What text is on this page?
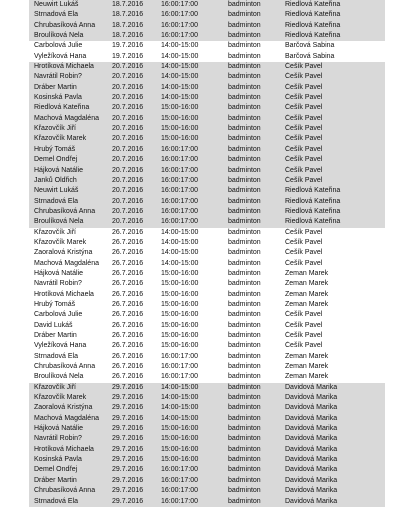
Neuwirt Lukáš	18.7.2016	16:00:17:00	badminton	Riedlová Kateřina
Strnadová Ela	18.7.2016	16:00:17:00	badminton	Riedlová Kateřina
Chrubasíková Anna	18.7.2016	16:00:17:00	badminton	Riedlová Kateřina
Broulíková Nela	18.7.2016	16:00:17:00	badminton	Riedlová Kateřina
Carbolová Julie	19.7.2016	14:00-15:00	badminton	Barčová Sabina
Vyležíková Hana	19.7.2016	14:00-15:00	badminton	Barčová Sabina
Hrotíková Michaela	20.7.2016	14:00-15:00	badminton	Češík Pavel
Navrátil Robin?	20.7.2016	14:00-15:00	badminton	Češík Pavel
Dráber Martin	20.7.2016	14:00-15:00	badminton	Češík Pavel
Kosinská Pavla	20.7.2016	14:00-15:00	badminton	Češík Pavel
Riedlová Kateřina	20.7.2016	15:00-16:00	badminton	Češík Pavel
Machová Magdaléna	20.7.2016	15:00-16:00	badminton	Češík Pavel
Křazovčík Jiří	20.7.2016	15:00-16:00	badminton	Češík Pavel
Křazovčík Marek	20.7.2016	15:00-16:00	badminton	Češík Pavel
Hrubý Tomáš	20.7.2016	16:00:17:00	badminton	Češík Pavel
Demel Ondřej	20.7.2016	16:00:17:00	badminton	Češík Pavel
Hájková Natálie	20.7.2016	16:00:17:00	badminton	Češík Pavel
Janků Oldřich	20.7.2016	16:00:17:00	badminton	Češík Pavel
Neuwirt Lukáš	20.7.2016	16:00:17:00	badminton	Riedlová Kateřina
Strnadová Ela	20.7.2016	16:00:17:00	badminton	Riedlová Kateřina
Chrubasíková Anna	20.7.2016	16:00:17:00	badminton	Riedlová Kateřina
Broulíková Nela	20.7.2016	16:00:17:00	badminton	Riedlová Kateřina
Křazovčík Jiří	26.7.2016	14:00-15:00	badminton	Češík Pavel
Křazovčík Marek	26.7.2016	14:00-15:00	badminton	Češík Pavel
Zaoralová Kristýna	26.7.2016	14:00-15:00	badminton	Češík Pavel
Machová Magdaléna	26.7.2016	14:00-15:00	badminton	Češík Pavel
Hájková Natálie	26.7.2016	15:00-16:00	badminton	Zeman Marek
Navrátil Robin?	26.7.2016	15:00-16:00	badminton	Zeman Marek
Hrotíková Michaela	26.7.2016	15:00-16:00	badminton	Zeman Marek
Hrubý Tomáš	26.7.2016	15:00-16:00	badminton	Zeman Marek
Carbolová Julie	26.7.2016	15:00-16:00	badminton	Češík Pavel
David Lukáš	26.7.2016	15:00-16:00	badminton	Češík Pavel
Dráber Martin	26.7.2016	15:00-16:00	badminton	Češík Pavel
Vyležíková Hana	26.7.2016	15:00-16:00	badminton	Češík Pavel
Strnadová Ela	26.7.2016	16:00:17:00	badminton	Zeman Marek
Chrubasíková Anna	26.7.2016	16:00:17:00	badminton	Zeman Marek
Broulíková Nela	26.7.2016	16:00:17:00	badminton	Zeman Marek
Křazovčík Jiří	29.7.2016	14:00-15:00	badminton	Davidová Marika
Křazovčík Marek	29.7.2016	14:00-15:00	badminton	Davidová Marika
Zaoralová Kristýna	29.7.2016	14:00-15:00	badminton	Davidová Marika
Machová Magdaléna	29.7.2016	14:00-15:00	badminton	Davidová Marika
Hájková Natálie	29.7.2016	15:00-16:00	badminton	Davidová Marika
Navrátil Robin?	29.7.2016	15:00-16:00	badminton	Davidová Marika
Hrotíková Michaela	29.7.2016	15:00-16:00	badminton	Davidová Marika
Kosinská Pavla	29.7.2016	15:00-16:00	badminton	Davidová Marika
Demel Ondřej	29.7.2016	16:00:17:00	badminton	Davidová Marika
Dráber Martin	29.7.2016	16:00:17:00	badminton	Davidová Marika
Chrubasíková Anna	29.7.2016	16:00:17:00	badminton	Davidová Marika
Strnadová Ela	29.7.2016	16:00:17:00	badminton	Davidová Marika
